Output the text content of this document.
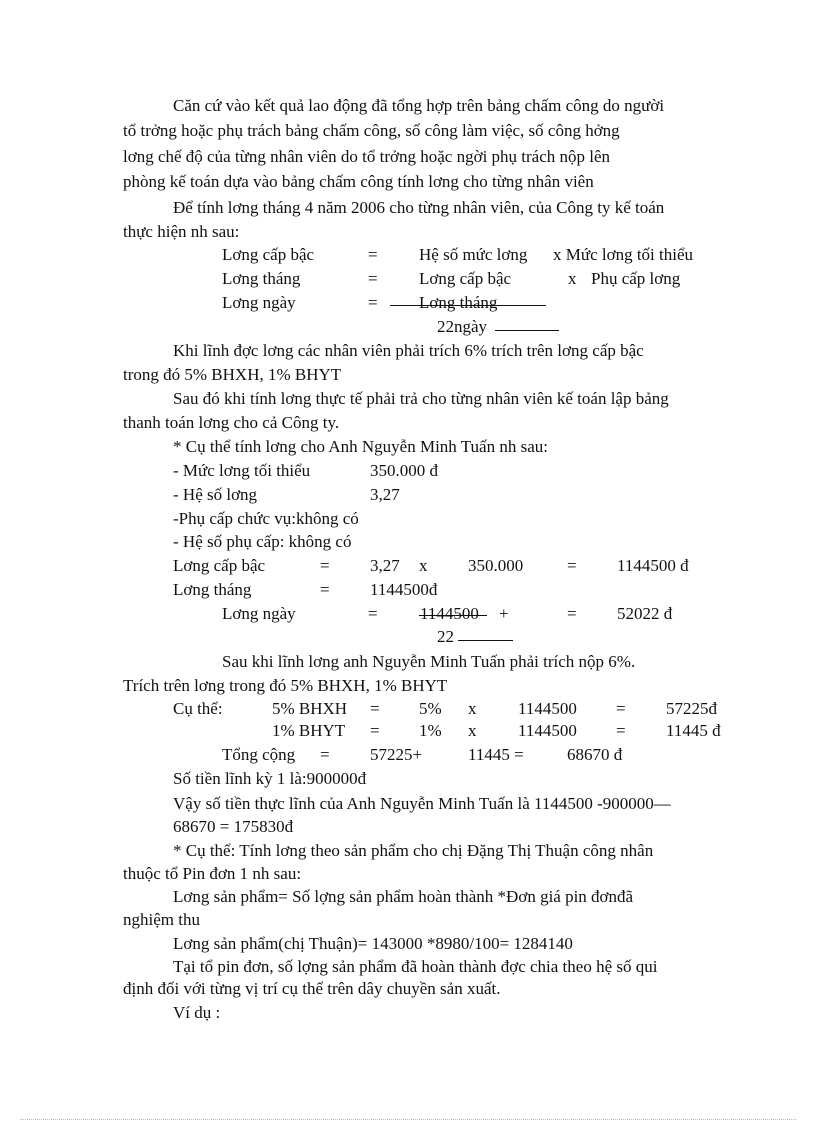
Căn cứ vào kết quả lao động đã tổng hợp trên bảng chấm công do người
tổ trởng hoặc phụ trách bảng chấm công, số công làm việc, số công hởng
lơng chế độ của từng nhân viên do tổ trởng hoặc ngời phụ trách nộp lên
phòng kế toán dựa vào bảng chấm công tính lơng cho từng nhân viên
Để tính lơng tháng 4 năm 2006 cho từng nhân viên, của Công ty kế toán
thực hiện nh sau:
Lơng cấp bậc	= Hệ số mức lơng x Mức lơng tối thiểu
Lơng tháng	= Lơng cấp bậc	x Phụ cấp lơng
Lơng ngày	= Lơng tháng
22ngày
Khi lĩnh đợc lơng các nhân viên phải trích 6% trích trên lơng cấp bậc
trong đó 5% BHXH, 1% BHYT
Sau đó khi tính lơng thực tế phải trả cho từng nhân viên kế toán lập bảng
thanh toán lơng cho cả Công ty.
* Cụ thể tính lơng cho Anh Nguyễn Minh Tuấn nh sau:
- Mức lơng tối thiểu	350.000 đ
- Hệ số lơng	3,27
-Phụ cấp chức vụ:không có
- Hệ số phụ cấp: không có
Lơng cấp bậc	= 3,27 x 350.000	= 1144500 đ
Lơng tháng	= 1144500đ
Lơng ngày	= 1144500 +	= 52022 đ
22
Sau khi lĩnh lơng anh Nguyễn Minh Tuấn phải trích nộp 6%.
Trích trên lơng trong đó 5% BHXH, 1% BHYT
Cụ thể:	5% BHXH = 5% x 1144500 = 57225đ
1% BHYT = 1% x 1144500 = 11445 đ
Tổng cộng = 57225+	11445 =	68670 đ
Số tiền lĩnh kỳ 1 là:900000đ
Vậy số tiền thực lĩnh của Anh Nguyễn Minh Tuấn là 1144500 -900000—
68670 = 175830đ
* Cụ thể: Tính lơng theo sản phẩm cho chị Đặng Thị Thuận công nhân
thuộc tổ Pin đơn 1 nh sau:
Lơng sản phẩm= Số lợng sản phẩm hoàn thành *Đơn giá pin đơnđã
nghiệm thu
Lơng sản phẩm(chị Thuận)= 143000 *8980/100= 1284140
Tại tổ pin đơn, số lợng sản phẩm đã hoàn thành đợc chia theo hệ số qui
định đối với từng vị trí cụ thể trên dây chuyền sản xuất.
Ví dụ :
